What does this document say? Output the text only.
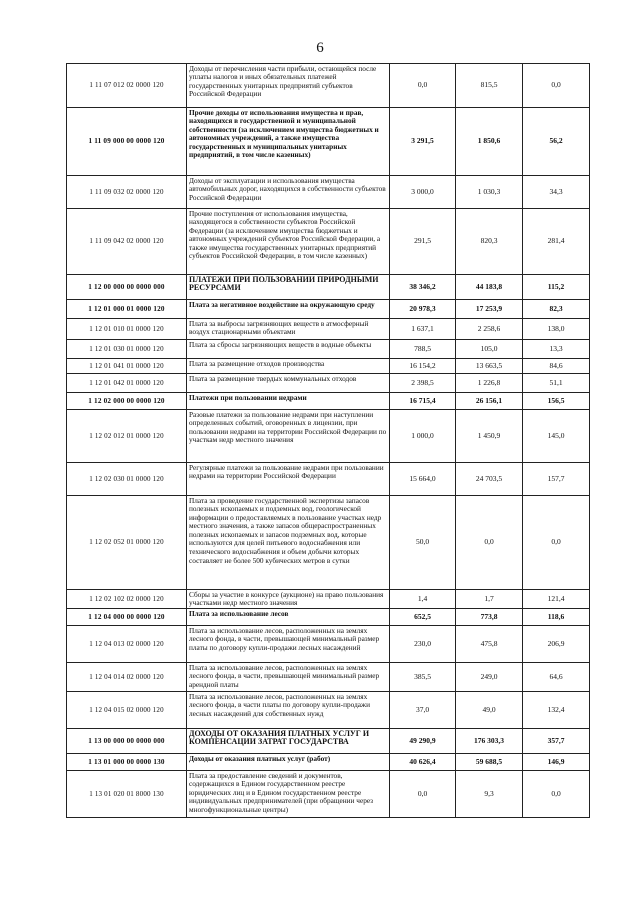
6
1 11 07 012 02 0000 120	Доходы от перечисления части прибыли, остающейся после уплаты налогов и иных обязательных платежей государственных унитарных предприятий субъектов Российской Федерации	0,0	815,5	0,0
1 11 09 000 00 0000 120	Прочие доходы от использования имущества и прав, находящихся в государственной и муниципальной собственности (за исключением имущества бюджетных и автономных учреждений, а также имущества государственных и муниципальных унитарных предприятий, в том числе казенных)	3 291,5	1 850,6	56,2
1 11 09 032 02 0000 120	Доходы от эксплуатации и использования имущества автомобильных дорог, находящихся в собственности субъектов Российской Федерации	3 000,0	1 030,3	34,3
1 11 09 042 02 0000 120	Прочие поступления от использования имущества, находящегося в собственности субъектов Российской Федерации (за исключением имущества бюджетных и автономных учреждений субъектов Российской Федерации, а также имущества государственных унитарных предприятий субъектов Российской Федерации, в том числе казенных)	291,5	820,3	281,4
1 12 00 000 00 0000 000	ПЛАТЕЖИ ПРИ ПОЛЬЗОВАНИИ ПРИРОДНЫМИ РЕСУРСАМИ	38 346,2	44 183,8	115,2
1 12 01 000 01 0000 120	Плата за негативное воздействие на окружающую среду	20 978,3	17 253,9	82,3
1 12 01 010 01 0000 120	Плата за выбросы загрязняющих веществ в атмосферный воздух стационарными объектами	1 637,1	2 258,6	138,0
1 12 01 030 01 0000 120	Плата за сбросы загрязняющих веществ в водные объекты	788,5	105,0	13,3
1 12 01 041 01 0000 120	Плата за размещение отходов производства	16 154,2	13 663,5	84,6
1 12 01 042 01 0000 120	Плата за размещение твердых коммунальных отходов	2 398,5	1 226,8	51,1
1 12 02 000 00 0000 120	Платежи при пользовании недрами	16 715,4	26 156,1	156,5
1 12 02 012 01 0000 120	Разовые платежи за пользование недрами при наступлении определенных событий, оговоренных в лицензии, при пользовании недрами на территории Российской Федерации по участкам недр местного значения	1 000,0	1 450,9	145,0
1 12 02 030 01 0000 120	Регулярные платежи за пользование недрами при пользовании недрами на территории Российской Федерации	15 664,0	24 703,5	157,7
1 12 02 052 01 0000 120	Плата за проведение государственной экспертизы запасов полезных ископаемых и подземных вод, геологической информации о предоставляемых в пользование участках недр местного значения, а также запасов общераспространенных полезных ископаемых и запасов подземных вод, которые используются для целей питьевого водоснабжения или технического водоснабжения и объем добычи которых составляет не более 500 кубических метров в сутки	50,0	0,0	0,0
1 12 02 102 02 0000 120	Сборы за участие в конкурсе (аукционе) на право пользования участками недр местного значения	1,4	1,7	121,4
1 12 04 000 00 0000 120	Плата за использование лесов	652,5	773,8	118,6
1 12 04 013 02 0000 120	Плата за использование лесов, расположенных на землях лесного фонда, в части, превышающей минимальный размер платы по договору купли-продажи лесных насаждений	230,0	475,8	206,9
1 12 04 014 02 0000 120	Плата за использование лесов, расположенных на землях лесного фонда, в части, превышающей минимальный размер арендной платы	385,5	249,0	64,6
1 12 04 015 02 0000 120	Плата за использование лесов, расположенных на землях лесного фонда, в части платы по договору купли-продажи лесных насаждений для собственных нужд	37,0	49,0	132,4
1 13 00 000 00 0000 000	ДОХОДЫ ОТ ОКАЗАНИЯ ПЛАТНЫХ УСЛУГ И КОМПЕНСАЦИИ ЗАТРАТ ГОСУДАРСТВА	49 290,9	176 303,3	357,7
1 13 01 000 00 0000 130	Доходы от оказания платных услуг (работ)	40 626,4	59 688,5	146,9
1 13 01 020 01 8000 130	Плата за предоставление сведений и документов, содержащихся в Едином государственном реестре юридических лиц и в Едином государственном реестре индивидуальных предпринимателей (при обращении через многофункциональные центры)	0,0	9,3	0,0
